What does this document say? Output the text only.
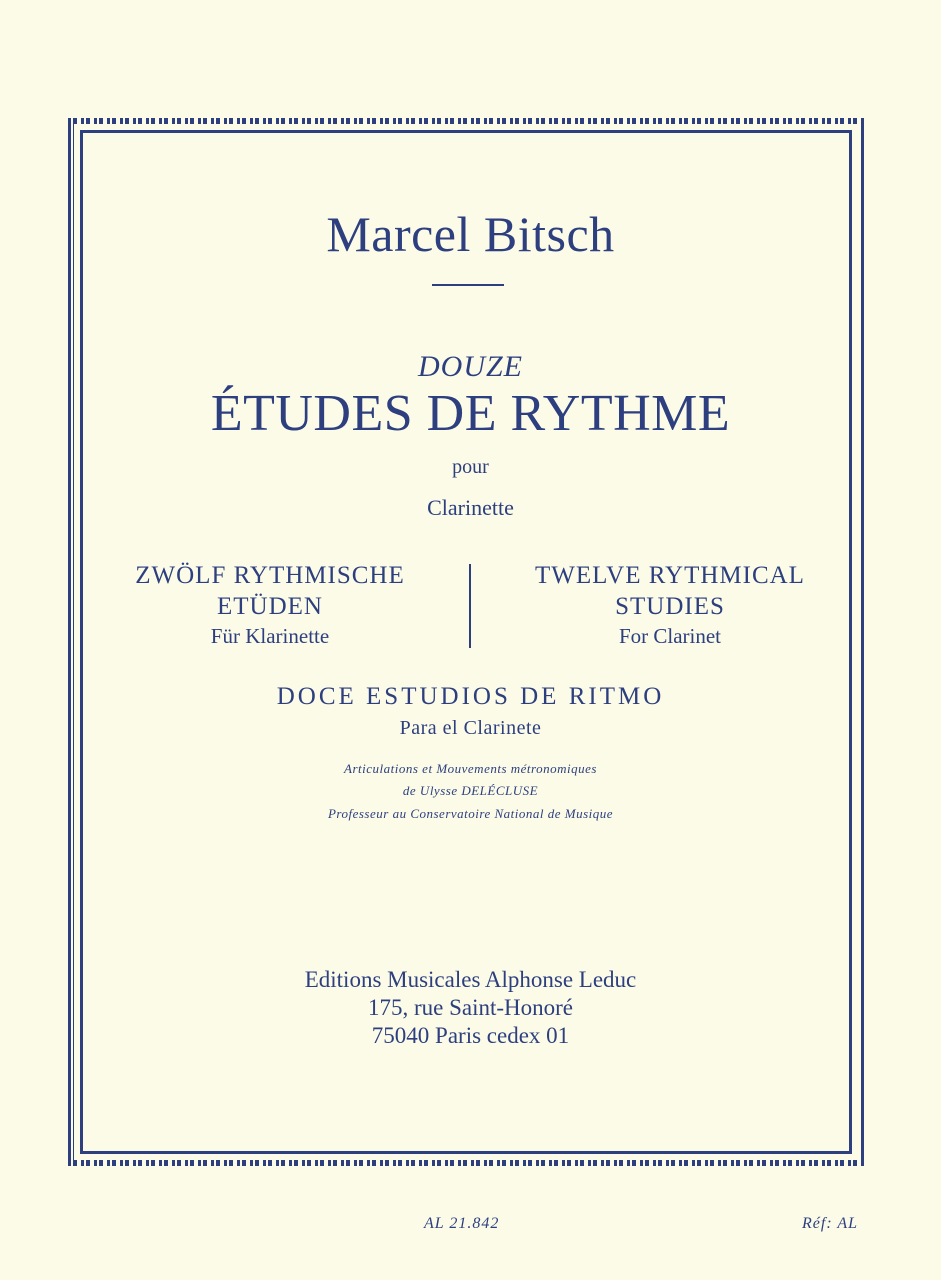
Marcel Bitsch
DOUZE
ÉTUDES DE RYTHME
pour
Clarinette
ZWÖLF RYTHMISCHE
ETÜDEN
Für Klarinette
TWELVE RYTHMICAL
STUDIES
For Clarinet
DOCE ESTUDIOS DE RITMO
Para el Clarinete
Articulations et Mouvements métronomiques
de Ulysse DELÉCLUSE
Professeur au Conservatoire National de Musique
Editions Musicales Alphonse Leduc
175, rue Saint-Honoré
75040 Paris cedex 01
AL 21.842	Réf: AL
